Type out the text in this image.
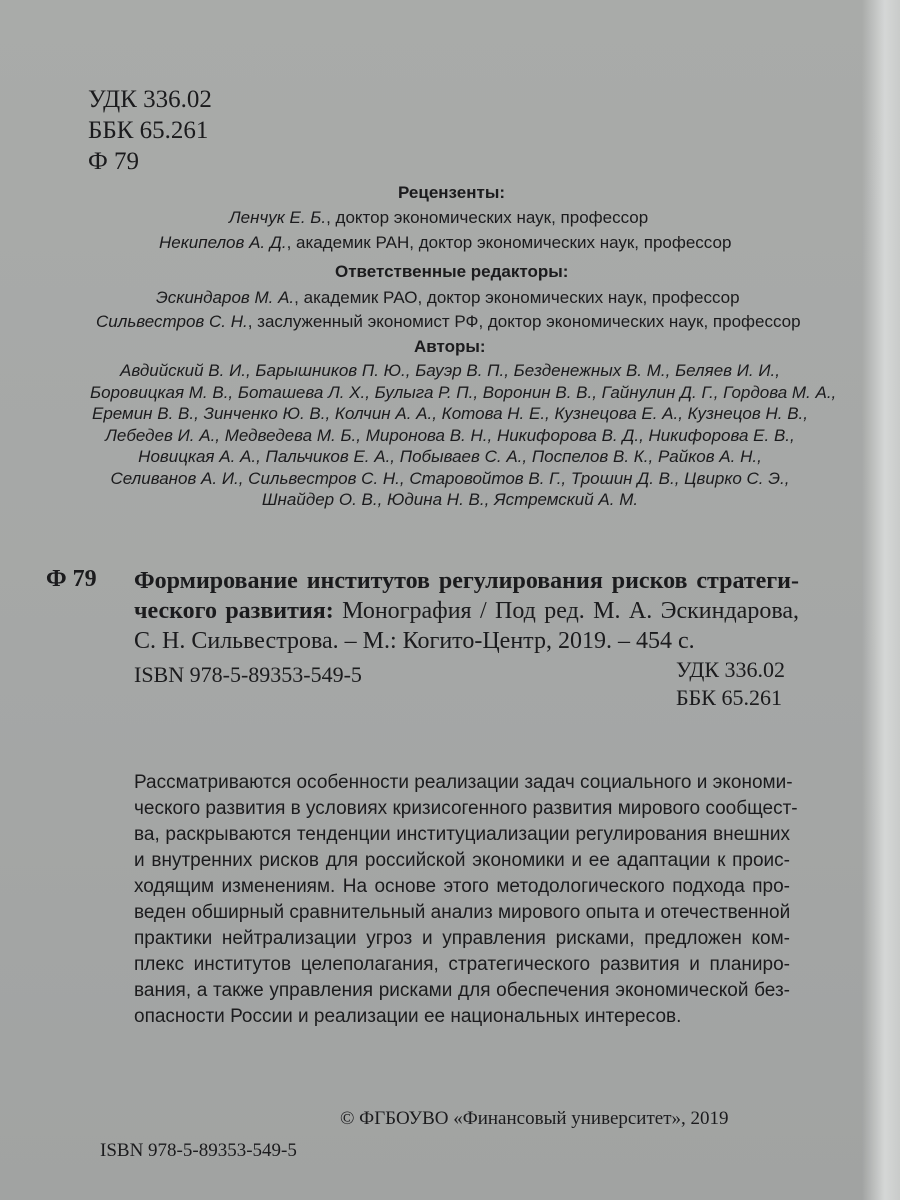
УДК 336.02
ББК 65.261
Ф 79
Рецензенты:
Ленчук Е. Б., доктор экономических наук, профессор
Некипелов А. Д., академик РАН, доктор экономических наук, профессор
Ответственные редакторы:
Эскиндаров М. А., академик РАО, доктор экономических наук, профессор
Сильвестров С. Н., заслуженный экономист РФ, доктор экономических наук, профессор
Авторы:
Авдийский В. И., Барышников П. Ю., Бауэр В. П., Безденежных В. М., Беляев И. И.,
Боровицкая М. В., Боташева Л. Х., Булыга Р. П., Воронин В. В., Гайнулин Д. Г., Гордова М. А.,
Еремин В. В., Зинченко Ю. В., Колчин А. А., Котова Н. Е., Кузнецова Е. А., Кузнецов Н. В.,
Лебедев И. А., Медведева М. Б., Миронова В. Н., Никифорова В. Д., Никифорова Е. В.,
Новицкая А. А., Пальчиков Е. А., Побываев С. А., Поспелов В. К., Райков А. Н.,
Селиванов А. И., Сильвестров С. Н., Старовойтов В. Г., Трошин Д. В., Цвирко С. Э.,
Шнайдер О. В., Юдина Н. В., Ястремский А. М.
Ф 79 Формирование институтов регулирования рисков стратеги-
ческого развития: Монография / Под ред. М. А. Эскиндарова,
С. Н. Сильвестрова. – М.: Когито-Центр, 2019. – 454 с.
ISBN 978-5-89353-549-5	УДК 336.02
ББК 65.261
Рассматриваются особенности реализации задач социального и экономи-
ческого развития в условиях кризисогенного развития мирового сообщест-
ва, раскрываются тенденции институциализации регулирования внешних
и внутренних рисков для российской экономики и ее адаптации к проис-
ходящим изменениям. На основе этого методологического подхода про-
веден обширный сравнительный анализ мирового опыта и отечественной
практики нейтрализации угроз и управления рисками, предложен ком-
плекс институтов целеполагания, стратегического развития и планиро-
вания, а также управления рисками для обеспечения экономической без-
опасности России и реализации ее национальных интересов.
© ФГБОУВО «Финансовый университет», 2019
ISBN 978-5-89353-549-5
